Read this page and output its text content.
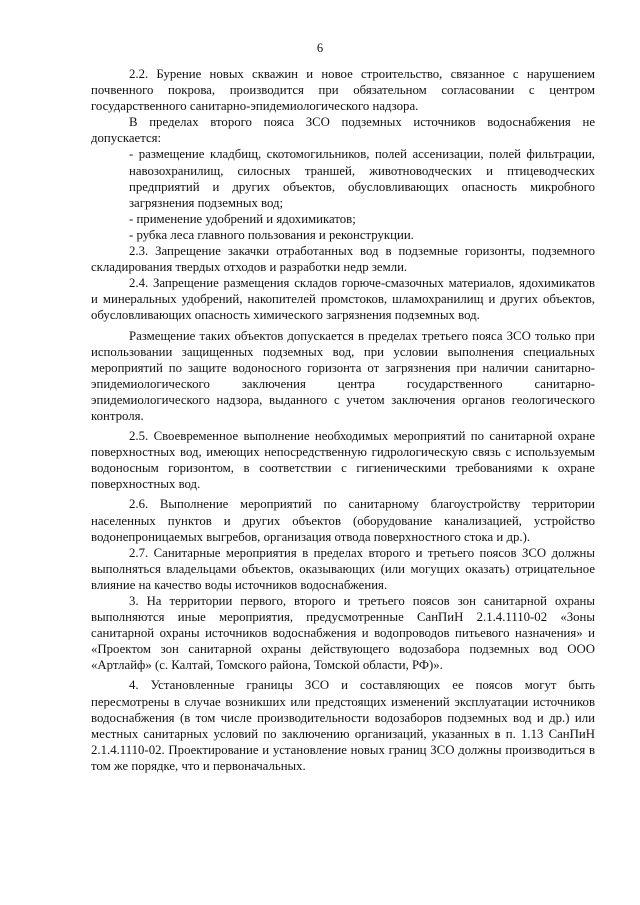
6

2.2. Бурение новых скважин и новое строительство, связанное с нарушением почвенного покрова, производится при обязательном согласовании с центром государственного санитарно-эпидемиологического надзора.

В пределах второго пояса ЗСО подземных источников водоснабжения не допускается:

- размещение кладбищ, скотомогильников, полей ассенизации, полей фильтрации, навозохранилищ, силосных траншей, животноводческих и птицеводческих предприятий и других объектов, обусловливающих опасность микробного загрязнения подземных вод;

- применение удобрений и ядохимикатов;

- рубка леса главного пользования и реконструкции.

2.3. Запрещение закачки отработанных вод в подземные горизонты, подземного складирования твердых отходов и разработки недр земли.

2.4. Запрещение размещения складов горюче-смазочных материалов, ядохимикатов и минеральных удобрений, накопителей промстоков, шламохранилищ и других объектов, обусловливающих опасность химического загрязнения подземных вод.

Размещение таких объектов допускается в пределах третьего пояса ЗСО только при использовании защищенных подземных вод, при условии выполнения специальных мероприятий по защите водоносного горизонта от загрязнения при наличии санитарно-эпидемиологического заключения центра государственного санитарно-эпидемиологического надзора, выданного с учетом заключения органов геологического контроля.

2.5. Своевременное выполнение необходимых мероприятий по санитарной охране поверхностных вод, имеющих непосредственную гидрологическую связь с используемым водоносным горизонтом, в соответствии с гигиеническими требованиями к охране поверхностных вод.

2.6. Выполнение мероприятий по санитарному благоустройству территории населенных пунктов и других объектов (оборудование канализацией, устройство водонепроницаемых выгребов, организация отвода поверхностного стока и др.).

2.7. Санитарные мероприятия в пределах второго и третьего поясов ЗСО должны выполняться владельцами объектов, оказывающих (или могущих оказать) отрицательное влияние на качество воды источников водоснабжения.

3. На территории первого, второго и третьего поясов зон санитарной охраны выполняются иные мероприятия, предусмотренные СанПиН 2.1.4.1110-02 «Зоны санитарной охраны источников водоснабжения и водопроводов питьевого назначения» и «Проектом зон санитарной охраны действующего водозабора подземных вод ООО «Артлайф» (с. Калтай, Томского района, Томской области, РФ)».

4. Установленные границы ЗСО и составляющих ее поясов могут быть пересмотрены в случае возникших или предстоящих изменений эксплуатации источников водоснабжения (в том числе производительности водозаборов подземных вод и др.) или местных санитарных условий по заключению организаций, указанных в п. 1.13 СанПиН 2.1.4.1110-02. Проектирование и установление новых границ ЗСО должны производиться в том же порядке, что и первоначальных.
